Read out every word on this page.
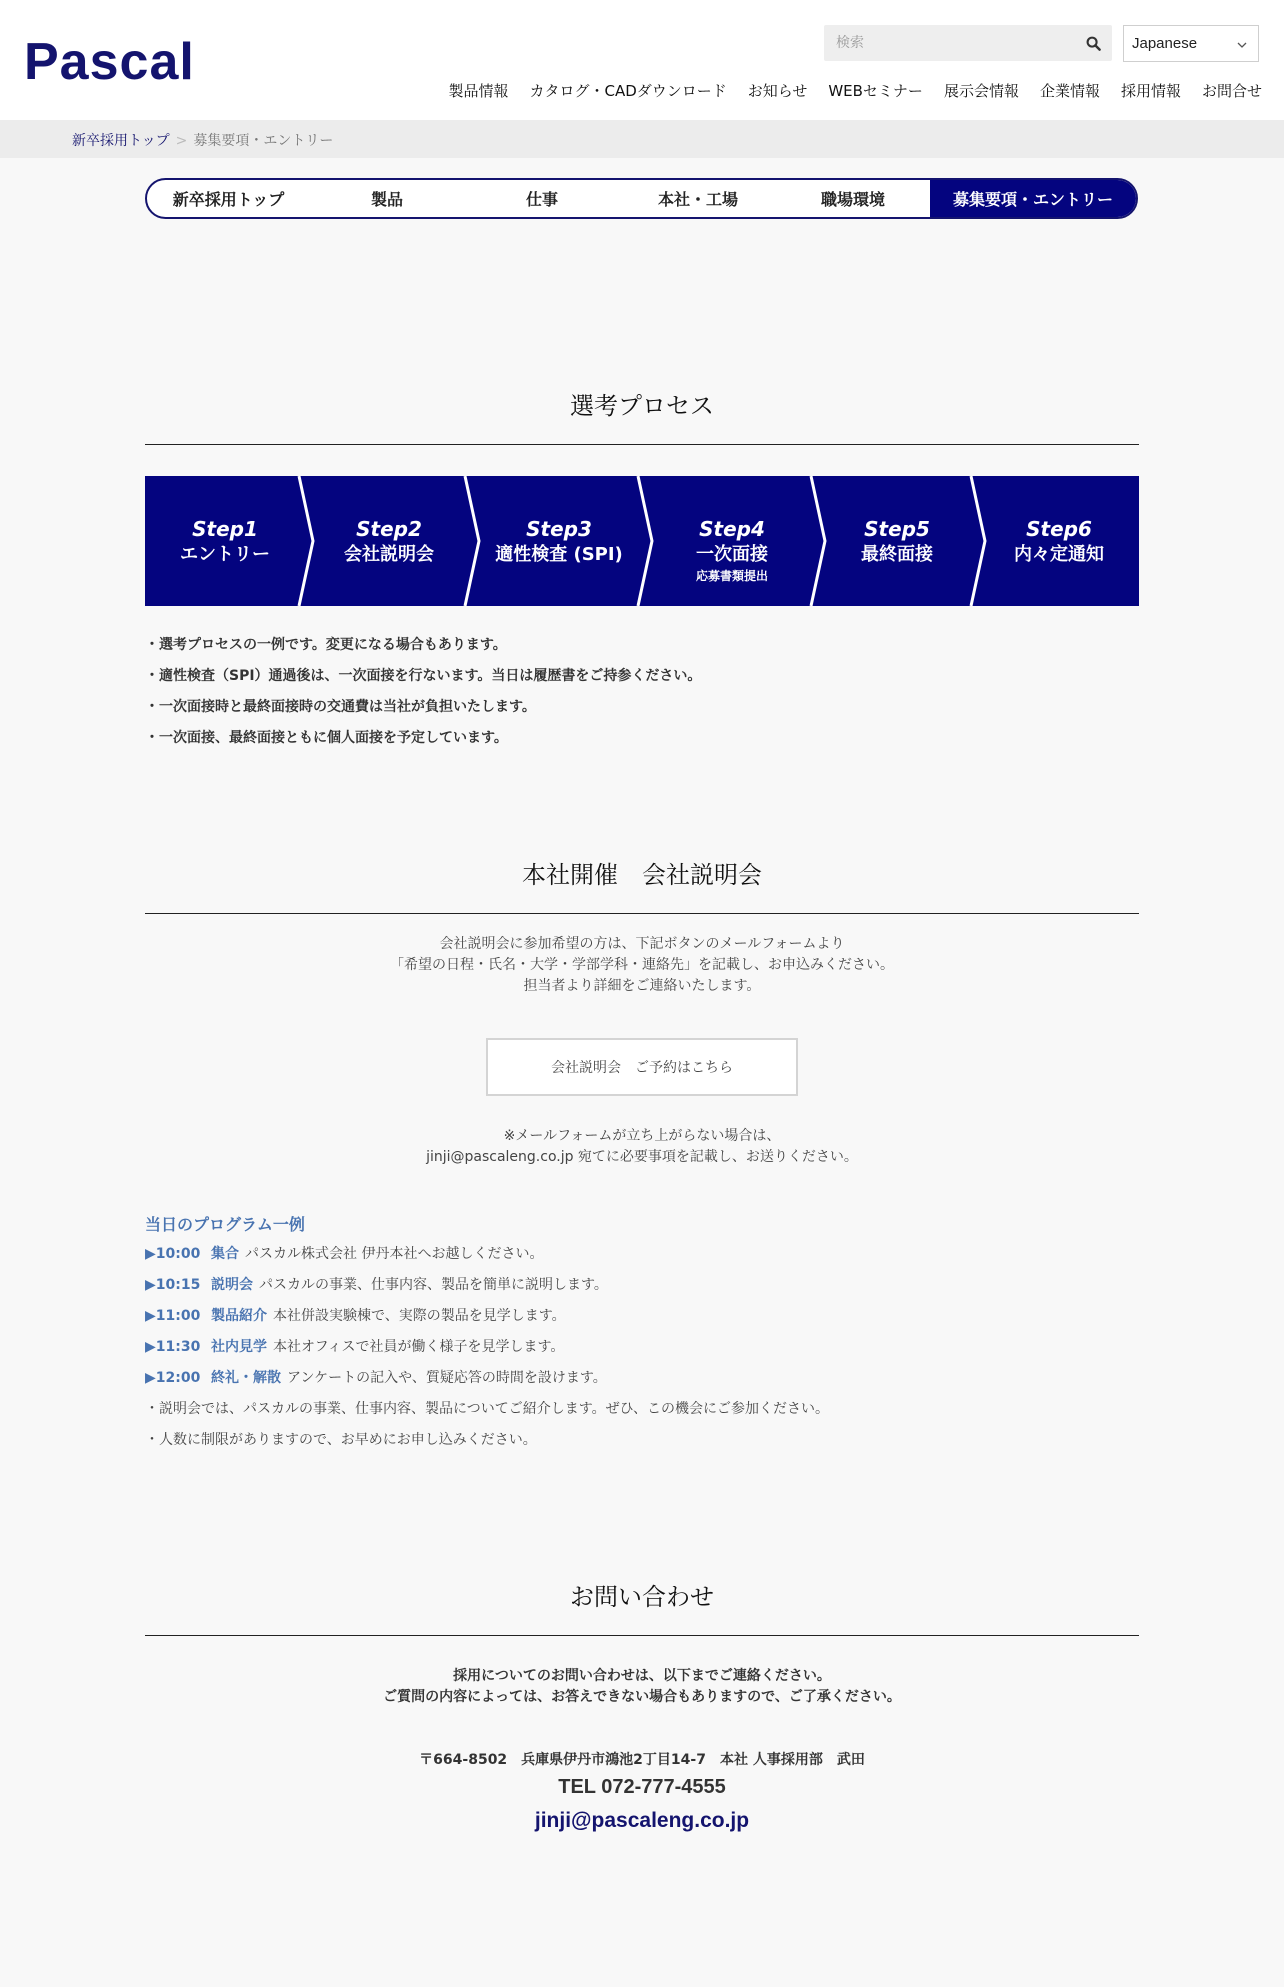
Pascal
検索	Japanese
製品情報 カタログ・CADダウンロード お知らせ WEBセミナー 展示会情報 企業情報 採用情報 お問合せ
新卒採用トップ > 募集要項・エントリー
新卒採用トップ	製品	仕事	本社・工場	職場環境	募集要項・エントリー
選考プロセス
Step1
エントリー
Step2
会社説明会
Step3
適性検査 (SPI)
Step4
一次面接
応募書類提出
Step5
最終面接
Step6
内々定通知
・選考プロセスの一例です。変更になる場合もあります。
・適性検査（SPI）通過後は、一次面接を行ないます。当日は履歴書をご持参ください。
・一次面接時と最終面接時の交通費は当社が負担いたします。
・一次面接、最終面接ともに個人面接を予定しています。
本社開催　会社説明会
会社説明会に参加希望の方は、下記ボタンのメールフォームより
「希望の日程・氏名・大学・学部学科・連絡先」を記載し、お申込みください。
担当者より詳細をご連絡いたします。
会社説明会　ご予約はこちら
※メールフォームが立ち上がらない場合は、
jinji@pascaleng.co.jp 宛てに必要事項を記載し、お送りください。
当日のプログラム一例
▶10:00 集合 パスカル株式会社 伊丹本社へお越しください。
▶10:15 説明会 パスカルの事業、仕事内容、製品を簡単に説明します。
▶11:00 製品紹介 本社併設実験棟で、実際の製品を見学します。
▶11:30 社内見学 本社オフィスで社員が働く様子を見学します。
▶12:00 終礼・解散 アンケートの記入や、質疑応答の時間を設けます。
・説明会では、パスカルの事業、仕事内容、製品についてご紹介します。ぜひ、この機会にご参加ください。
・人数に制限がありますので、お早めにお申し込みください。
お問い合わせ
採用についてのお問い合わせは、以下までご連絡ください。
ご質問の内容によっては、お答えできない場合もありますので、ご了承ください。
〒664-8502　兵庫県伊丹市鴻池2丁目14-7　本社 人事採用部　武田
TEL 072-777-4555
jinji@pascaleng.co.jp
